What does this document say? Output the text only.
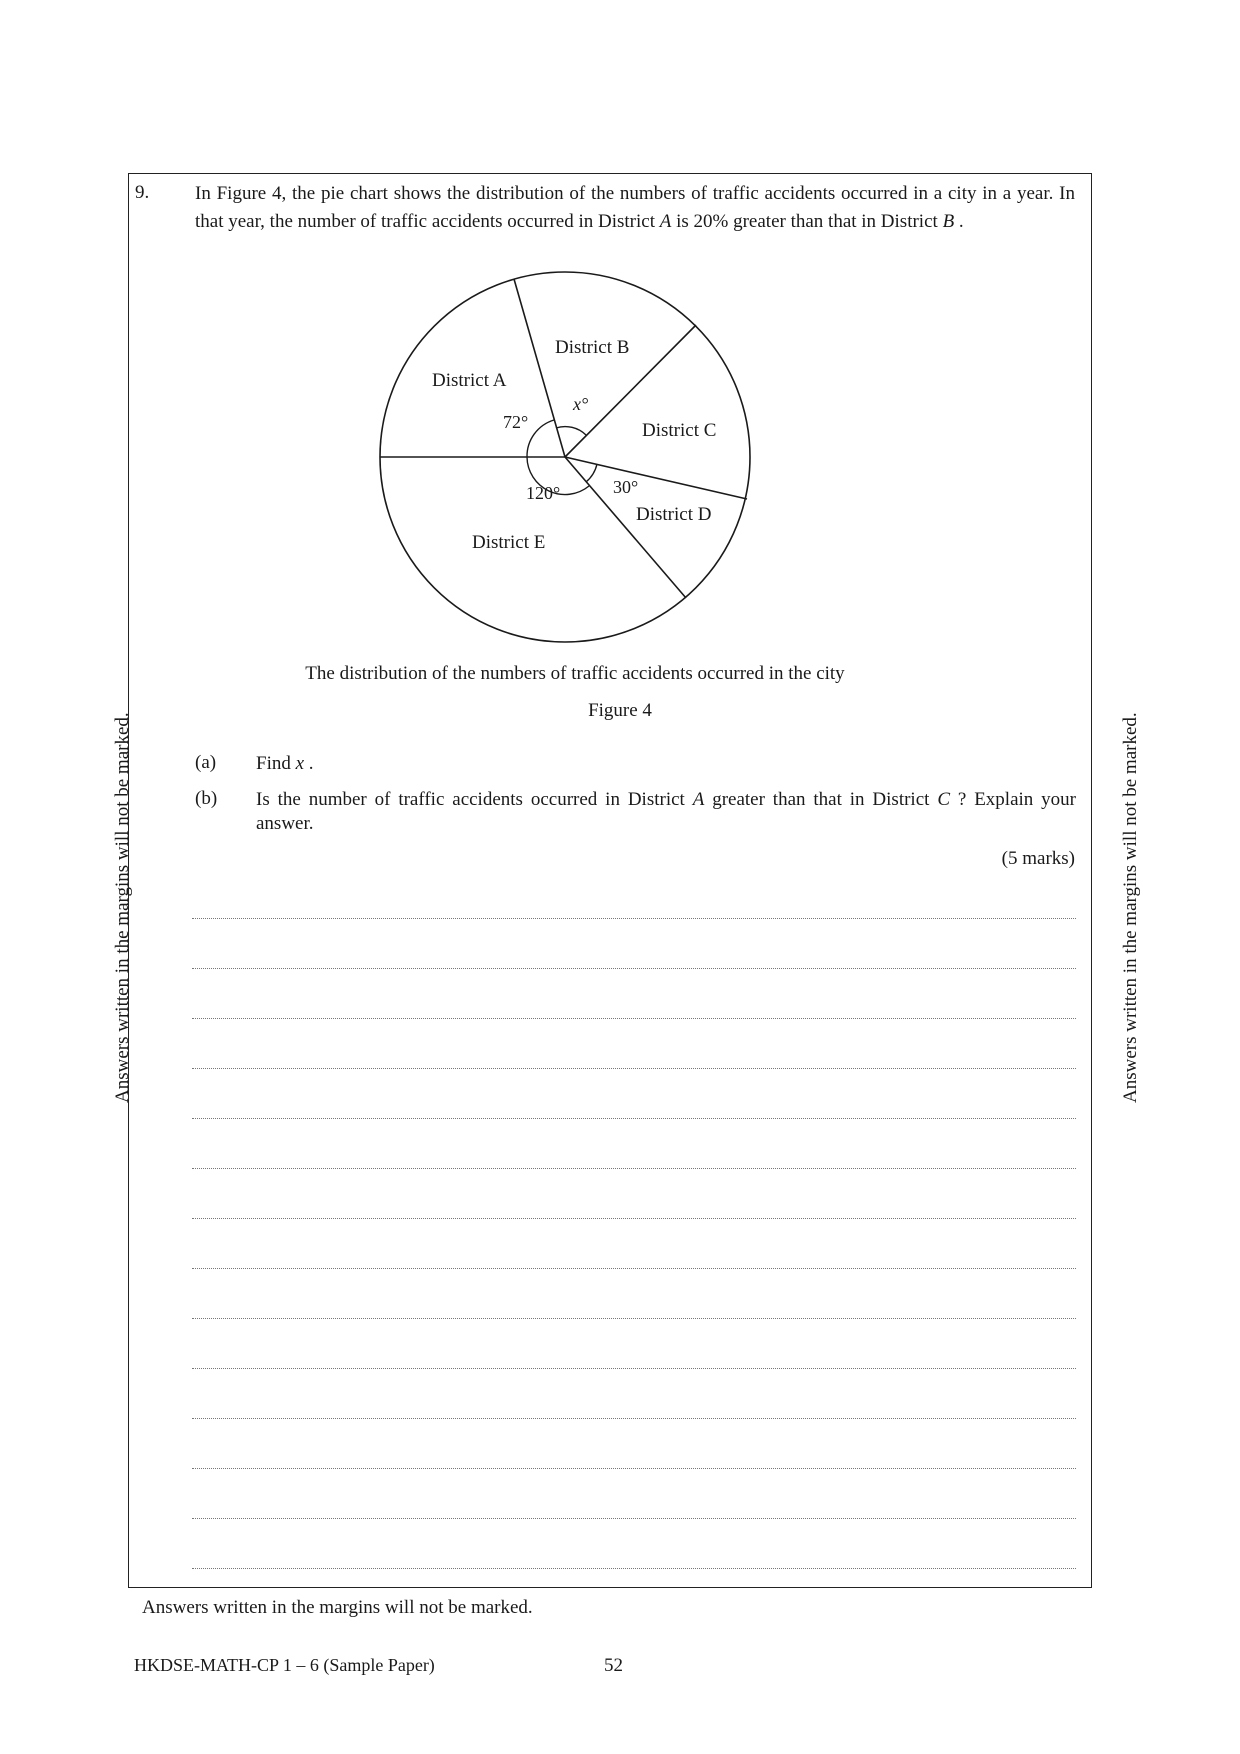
Answers written in the margins will not be marked.	Answers written in the margins will not be marked.
9. In Figure 4, the pie chart shows the distribution of the numbers of traffic accidents occurred in a city in a year. In that year, the number of traffic accidents occurred in District A is 20% greater than that in District B .
District A
District B
District C
District D
District E
72°
x°
30°
120°
The distribution of the numbers of traffic accidents occurred in the city
Figure 4
(a) Find x .
(b) Is the number of traffic accidents occurred in District A greater than that in District C ? Explain your answer.
(5 marks)
Answers written in the margins will not be marked.
HKDSE-MATH-CP 1 – 6 (Sample Paper)	52
